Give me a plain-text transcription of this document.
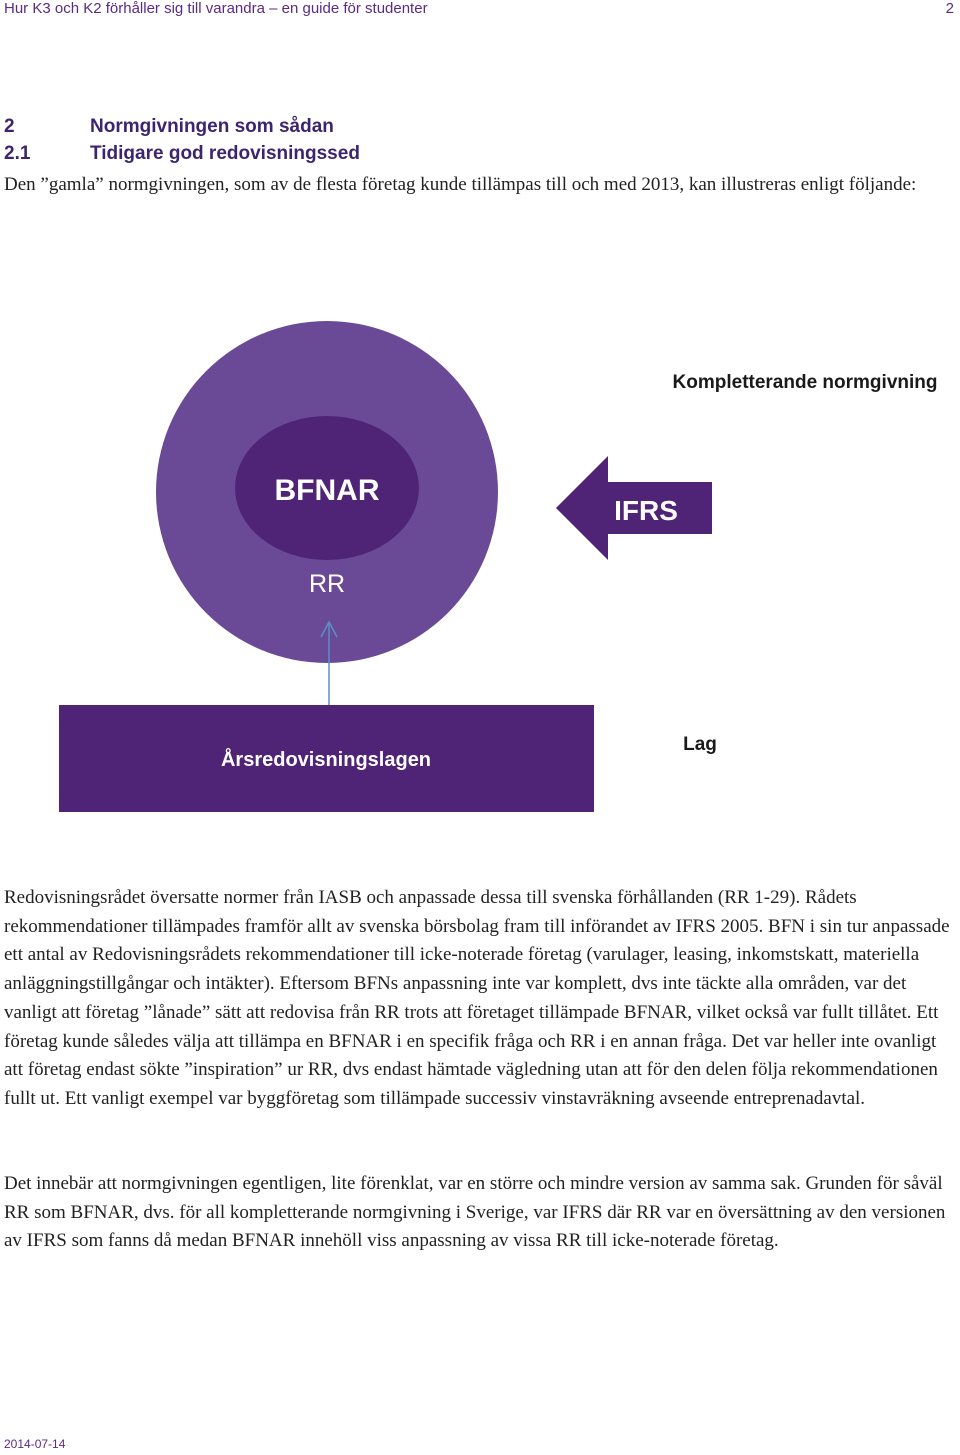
Hur K3 och K2 förhåller sig till varandra – en guide för studenter	2
2	Normgivningen som sådan
2.1	Tidigare god redovisningssed

Den ”gamla” normgivningen, som av de flesta företag kunde tillämpas till och med 2013, kan illustreras enligt följande:

BFNAR
RR
IFRS
Kompletterande normgivning
Årsredovisningslagen
Lag

Redovisningsrådet översatte normer från IASB och anpassade dessa till svenska förhållanden (RR 1-29). Rådets rekommendationer tillämpades framför allt av svenska börsbolag fram till införandet av IFRS 2005. BFN i sin tur anpassade ett antal av Redovisningsrådets rekommendationer till icke-noterade företag (varulager, leasing, inkomstskatt, materiella anläggningstillgångar och intäkter). Eftersom BFNs anpassning inte var komplett, dvs inte täckte alla områden, var det vanligt att företag ”lånade” sätt att redovisa från RR trots att företaget tillämpade BFNAR, vilket också var fullt tillåtet. Ett företag kunde således välja att tillämpa en BFNAR i en specifik fråga och RR i en annan fråga. Det var heller inte ovanligt att företag endast sökte ”inspiration” ur RR, dvs endast hämtade vägledning utan att för den delen följa rekommendationen fullt ut. Ett vanligt exempel var byggföretag som tillämpade successiv vinstavräkning avseende entreprenadavtal.

Det innebär att normgivningen egentligen, lite förenklat, var en större och mindre version av samma sak. Grunden för såväl RR som BFNAR, dvs. för all kompletterande normgivning i Sverige, var IFRS där RR var en översättning av den versionen av IFRS som fanns då medan BFNAR innehöll viss anpassning av vissa RR till icke-noterade företag.

2014-07-14
